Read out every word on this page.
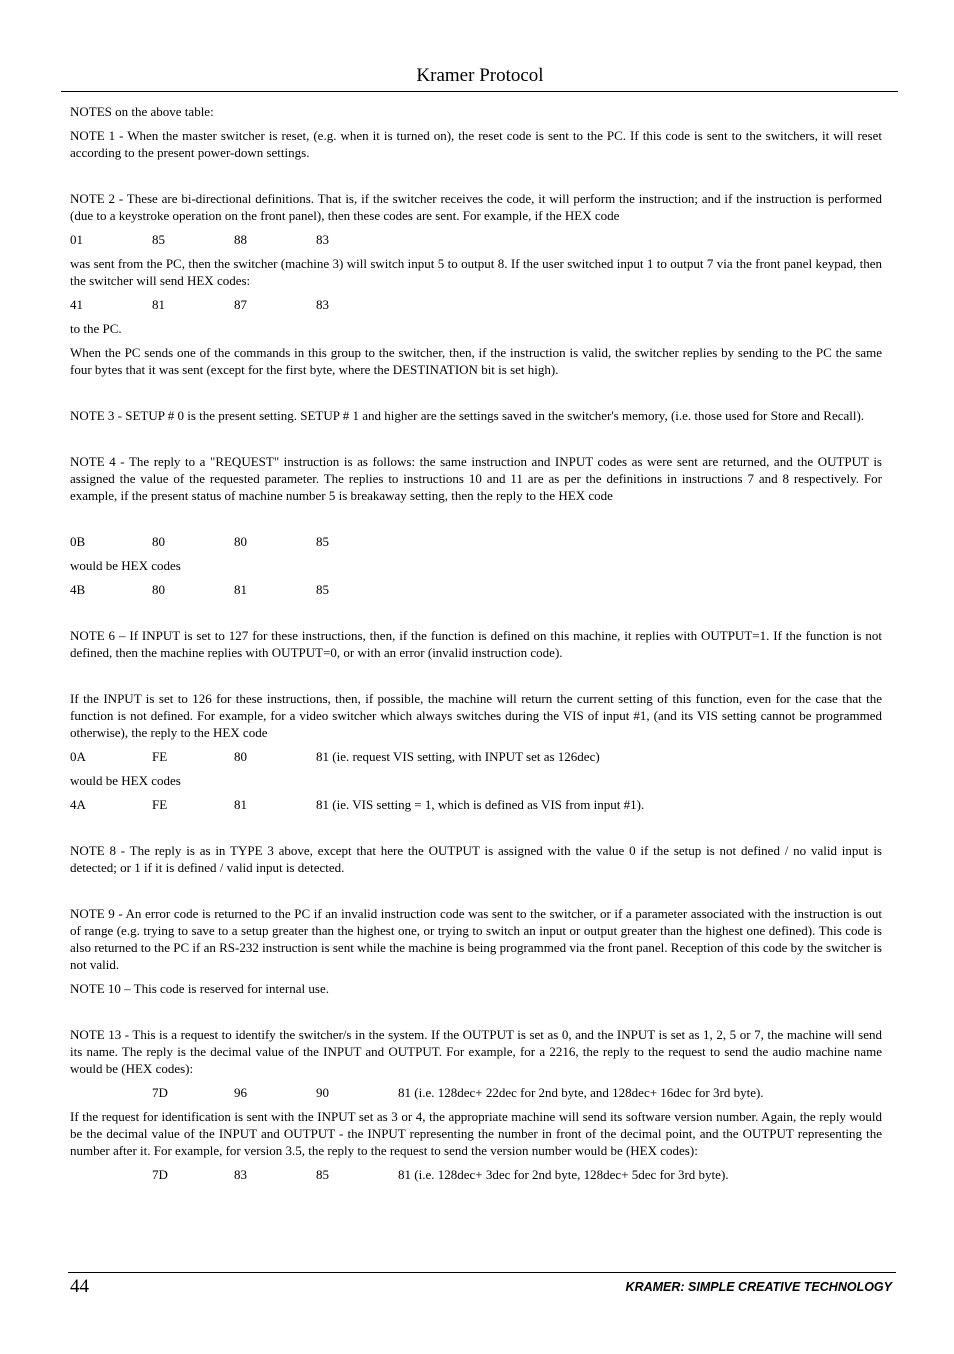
Kramer Protocol

NOTES on the above table:

NOTE 1 - When the master switcher is reset, (e.g. when it is turned on), the reset code is sent to the PC. If this code is sent to the switchers, it will reset according to the present power-down settings.

NOTE 2 - These are bi-directional definitions. That is, if the switcher receives the code, it will perform the instruction; and if the instruction is performed (due to a keystroke operation on the front panel), then these codes are sent. For example, if the HEX code

01	85	88	83

was sent from the PC, then the switcher (machine 3) will switch input 5 to output 8. If the user switched input 1 to output 7 via the front panel keypad, then the switcher will send HEX codes:

41	81	87	83

to the PC.

When the PC sends one of the commands in this group to the switcher, then, if the instruction is valid, the switcher replies by sending to the PC the same four bytes that it was sent (except for the first byte, where the DESTINATION bit is set high).

NOTE 3 - SETUP # 0 is the present setting. SETUP # 1 and higher are the settings saved in the switcher's memory, (i.e. those used for Store and Recall).

NOTE 4 - The reply to a "REQUEST" instruction is as follows: the same instruction and INPUT codes as were sent are returned, and the OUTPUT is assigned the value of the requested parameter. The replies to instructions 10 and 11 are as per the definitions in instructions 7 and 8 respectively. For example, if the present status of machine number 5 is breakaway setting, then the reply to the HEX code

0B	80	80	85

would be HEX codes

4B	80	81	85

NOTE 6 – If INPUT is set to 127 for these instructions, then, if the function is defined on this machine, it replies with OUTPUT=1. If the function is not defined, then the machine replies with OUTPUT=0, or with an error (invalid instruction code).

If the INPUT is set to 126 for these instructions, then, if possible, the machine will return the current setting of this function, even for the case that the function is not defined. For example, for a video switcher which always switches during the VIS of input #1, (and its VIS setting cannot be programmed otherwise), the reply to the HEX code

0A	FE	80	81 (ie. request VIS setting, with INPUT set as 126dec)

would be HEX codes

4A	FE	81	81 (ie. VIS setting = 1, which is defined as VIS from input #1).

NOTE 8 - The reply is as in TYPE 3 above, except that here the OUTPUT is assigned with the value 0 if the setup is not defined / no valid input is detected; or 1 if it is defined / valid input is detected.

NOTE 9 - An error code is returned to the PC if an invalid instruction code was sent to the switcher, or if a parameter associated with the instruction is out of range (e.g. trying to save to a setup greater than the highest one, or trying to switch an input or output greater than the highest one defined). This code is also returned to the PC if an RS-232 instruction is sent while the machine is being programmed via the front panel. Reception of this code by the switcher is not valid.

NOTE 10 – This code is reserved for internal use.

NOTE 13 - This is a request to identify the switcher/s in the system. If the OUTPUT is set as 0, and the INPUT is set as 1, 2, 5 or 7, the machine will send its name. The reply is the decimal value of the INPUT and OUTPUT. For example, for a 2216, the reply to the request to send the audio machine name would be (HEX codes):

7D	96	90	81 (i.e. 128dec+ 22dec for 2nd byte, and 128dec+ 16dec for 3rd byte).

If the request for identification is sent with the INPUT set as 3 or 4, the appropriate machine will send its software version number. Again, the reply would be the decimal value of the INPUT and OUTPUT - the INPUT representing the number in front of the decimal point, and the OUTPUT representing the number after it. For example, for version 3.5, the reply to the request to send the version number would be (HEX codes):

7D	83	85	81 (i.e. 128dec+ 3dec for 2nd byte, 128dec+ 5dec for 3rd byte).
44	KRAMER: SIMPLE CREATIVE TECHNOLOGY
